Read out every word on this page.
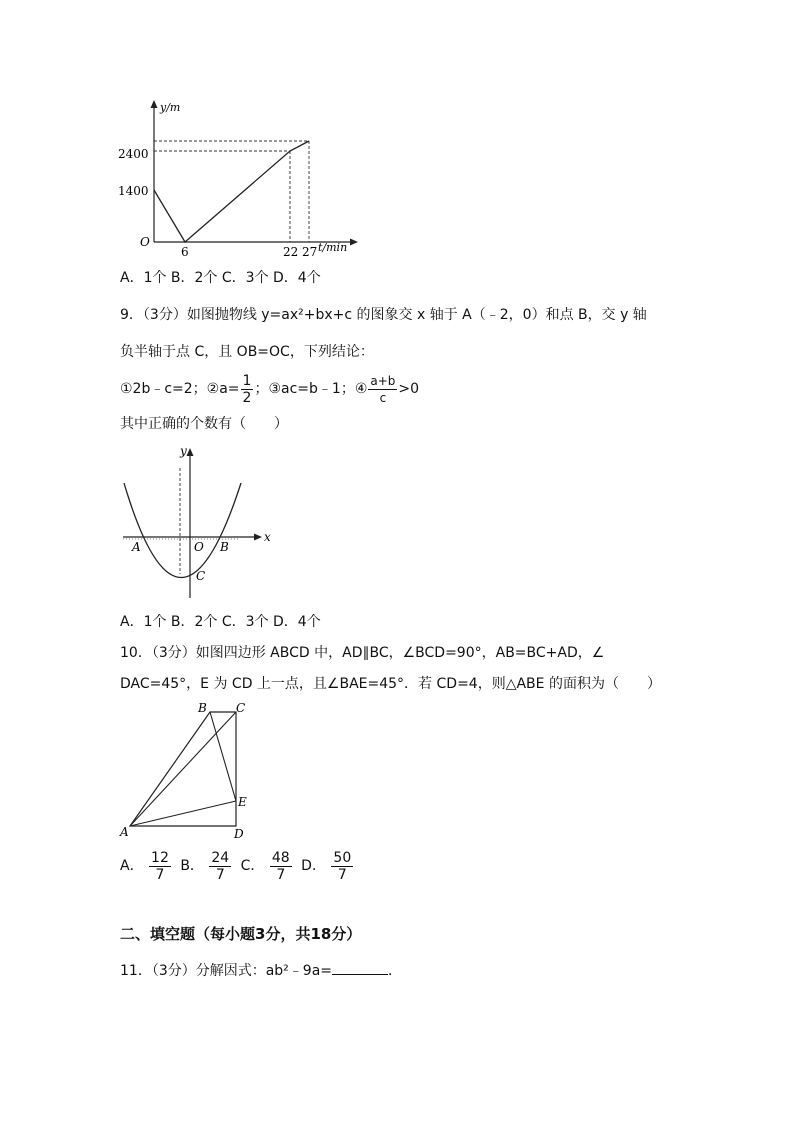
y/m
t/min
O
2400
1400
6	22 27
A．1个 B．2个 C．3个 D．4个
9．（3分）如图抛物线 y=ax²+bx+c 的图象交 x 轴于 A（﹣2，0）和点 B，交 y 轴
负半轴于点 C，且 OB=OC，下列结论：
①2b﹣c=2；②a= $\frac{1}{2}$ ；③ac=b﹣1；④ $\frac{a+b}{c} >0$
其中正确的个数有（　　）
y
x
A	O B
C
A．1个 B．2个 C．3个 D．4个
10．（3分）如图四边形 ABCD 中，AD∥BC，∠BCD=90°，AB=BC+AD，∠
DAC=45°，E 为 CD 上一点，且∠BAE=45°．若 CD=4，则△ABE 的面积为（　　）
B C
E
A	D
A． $\frac{12}{7}$ B． $\frac{24}{7}$ C． $\frac{48}{7}$ D． $\frac{50}{7}$
二、填空题（每小题3分，共18分）
11．（3分）分解因式：ab²﹣9a=	．
